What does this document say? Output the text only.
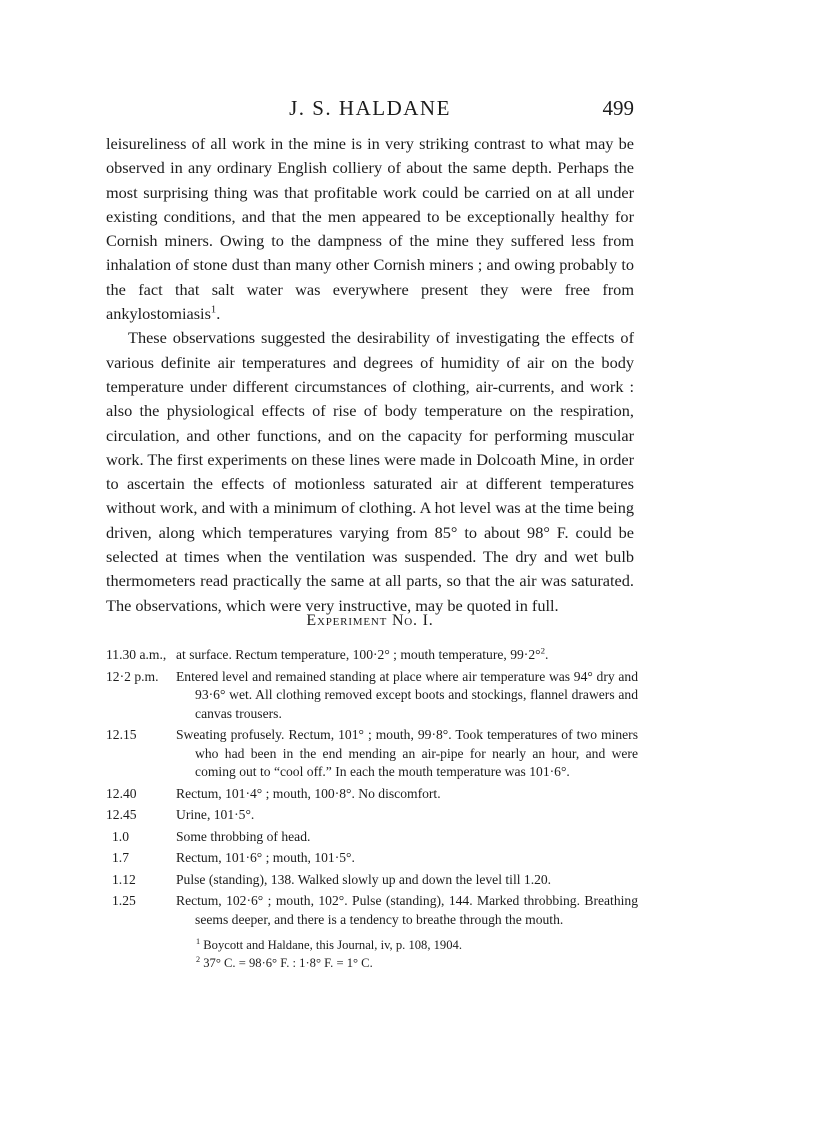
J. S. HALDANE	499

leisureliness of all work in the mine is in very striking contrast to what may be observed in any ordinary English colliery of about the same depth. Perhaps the most surprising thing was that profitable work could be carried on at all under existing conditions, and that the men appeared to be exceptionally healthy for Cornish miners. Owing to the dampness of the mine they suffered less from inhalation of stone dust than many other Cornish miners ; and owing probably to the fact that salt water was everywhere present they were free from ankylostomiasis$^1$.

These observations suggested the desirability of investigating the effects of various definite air temperatures and degrees of humidity of air on the body temperature under different circumstances of clothing, air-currents, and work : also the physiological effects of rise of body temperature on the respiration, circulation, and other functions, and on the capacity for performing muscular work. The first experiments on these lines were made in Dolcoath Mine, in order to ascertain the effects of motionless saturated air at different temperatures without work, and with a minimum of clothing. A hot level was at the time being driven, along which temperatures varying from 85° to about 98° F. could be selected at times when the ventilation was suspended. The dry and wet bulb thermometers read practically the same at all parts, so that the air was saturated. The observations, which were very instructive, may be quoted in full.

Experiment No. I.
11.30 a.m., at surface. Rectum temperature, 100·2° ; mouth temperature, 99·2°$^2$.
12·2 p.m.	Entered level and remained standing at place where air temperature was 94° dry and 93·6° wet. All clothing removed except boots and stockings, flannel drawers and canvas trousers.
12.15	Sweating profusely. Rectum, 101° ; mouth, 99·8°. Took temperatures of two miners who had been in the end mending an air-pipe for nearly an hour, and were coming out to “cool off.” In each the mouth temperature was 101·6°.
12.40	Rectum, 101·4° ; mouth, 100·8°. No discomfort.
12.45	Urine, 101·5°.
1.0	Some throbbing of head.
1.7	Rectum, 101·6° ; mouth, 101·5°.
1.12	Pulse (standing), 138. Walked slowly up and down the level till 1.20.
1.25	Rectum, 102·6° ; mouth, 102°. Pulse (standing), 144. Marked throbbing. Breathing seems deeper, and there is a tendency to breathe through the mouth.
$^1$ Boycott and Haldane, this Journal, iv, p. 108, 1904.
$^2$ 37° C. = 98·6° F. : 1·8° F. = 1° C.
